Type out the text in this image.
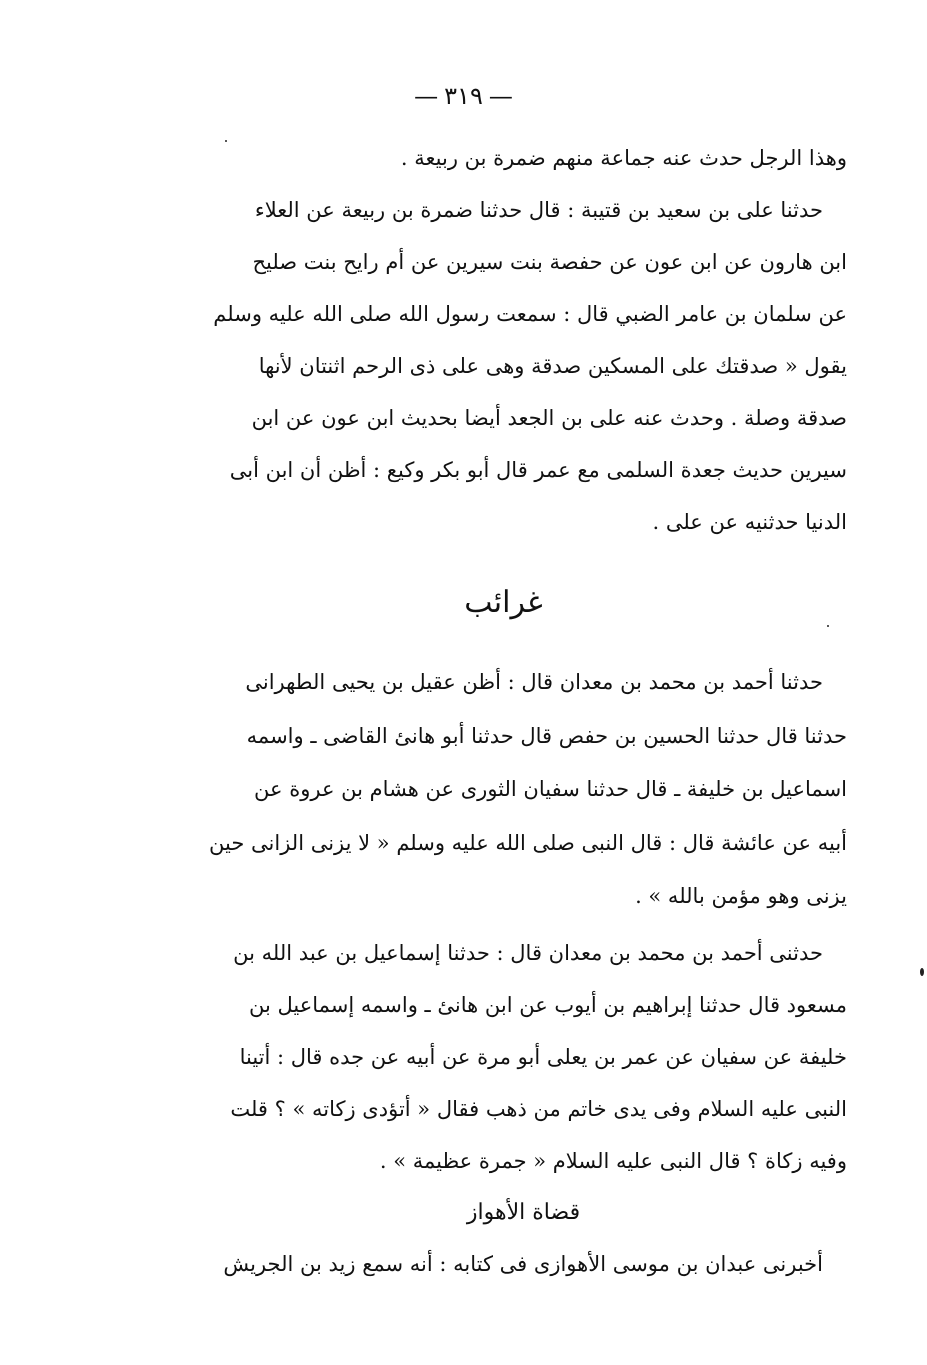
—٣١٩—
وهذا الرجل حدث عنه جماعة منهم ضمرة بن ربيعة .
حدثنا على بن سعيد بن قتيبة : قال حدثنا ضمرة بن ربيعة عن العلاء
ابن هارون عن ابن عون عن حفصة بنت سيرين عن أم رايح بنت صليح
عن سلمان بن عامر الضبي قال : سمعت رسول الله صلى الله عليه وسلم
يقول « صدقتك على المسكين صدقة وهى على ذى الرحم اثنتان لأنها
صدقة وصلة . وحدث عنه على بن الجعد أيضا بحديث ابن عون عن ابن
سيرين حديث جعدة السلمى مع عمر قال أبو بكر وكيع : أظن أن ابن أبى
الدنيا حدثنيه عن على .
غرائب
حدثنا أحمد بن محمد بن معدان قال : أظن عقيل بن يحيى الطهرانى
حدثنا قال حدثنا الحسين بن حفص قال حدثنا أبو هانئ القاضى ـ واسمه
اسماعيل بن خليفة ـ قال حدثنا سفيان الثورى عن هشام بن عروة عن
أبيه عن عائشة قال : قال النبى صلى الله عليه وسلم « لا يزنى الزانى حين
يزنى وهو مؤمن بالله » .
حدثنى أحمد بن محمد بن معدان قال : حدثنا إسماعيل بن عبد الله بن
مسعود قال حدثنا إبراهيم بن أيوب عن ابن هانئ ـ واسمه إسماعيل بن
خليفة عن سفيان عن عمر بن يعلى أبو مرة عن أبيه عن جده قال : أتينا
النبى عليه السلام وفى يدى خاتم من ذهب فقال « أتؤدى زكاته » ؟ قلت
وفيه زكاة ؟ قال النبى عليه السلام « جمرة عظيمة » .
قضاة الأهواز
أخبرنى عبدان بن موسى الأهوازى فى كتابه : أنه سمع زيد بن الجريش
